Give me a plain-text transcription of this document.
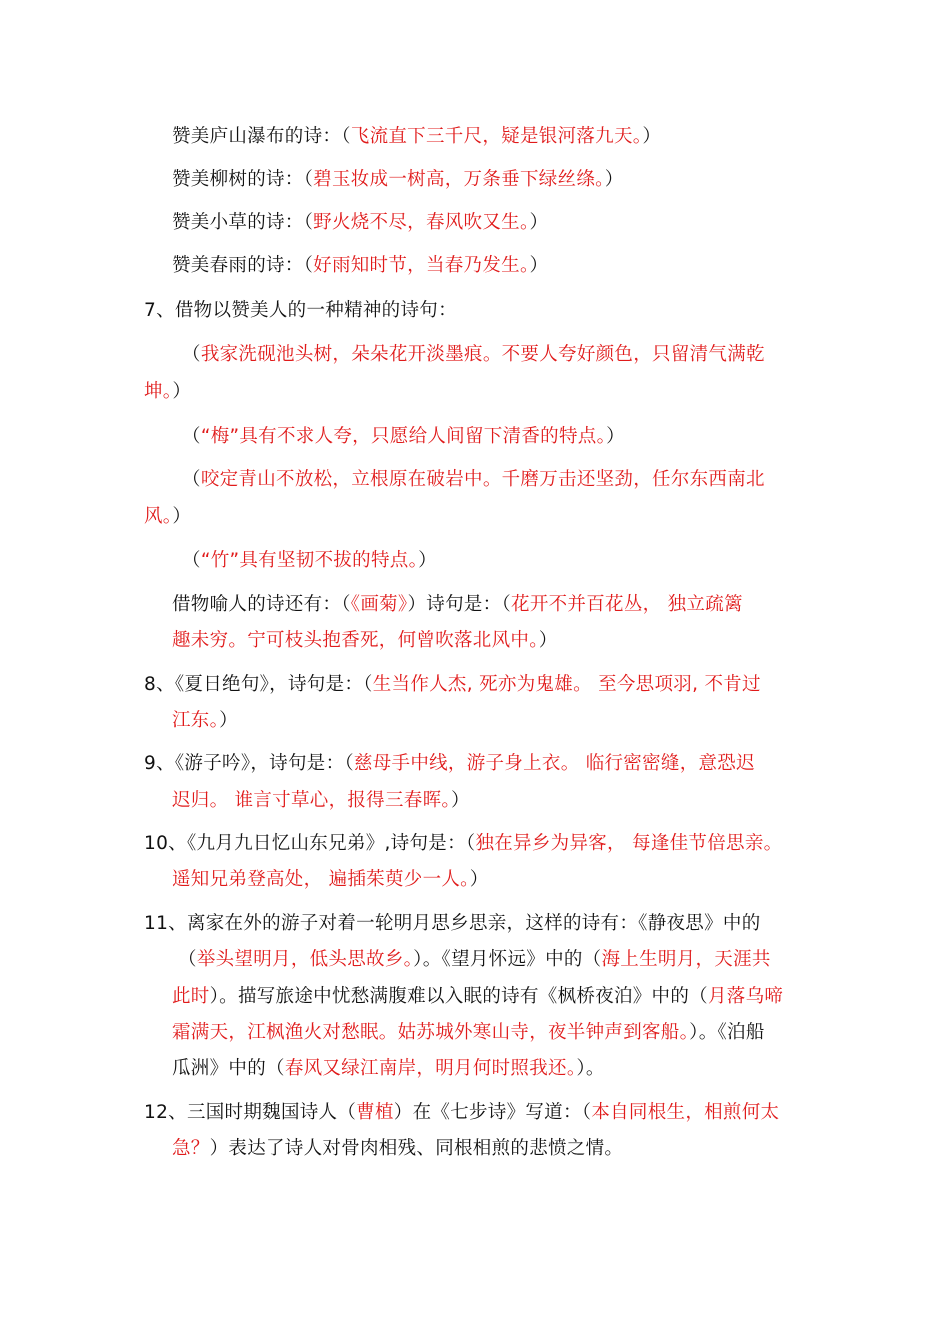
赞美庐山瀑布的诗：（飞流直下三千尺，疑是银河落九天。）
赞美柳树的诗：（碧玉妆成一树高，万条垂下绿丝绦。）
赞美小草的诗：（野火烧不尽，春风吹又生。）
赞美春雨的诗：（好雨知时节，当春乃发生。）
7、借物以赞美人的一种精神的诗句：
（我家洗砚池头树，朵朵花开淡墨痕。不要人夸好颜色，只留清气满乾
坤。）
（“梅”具有不求人夸，只愿给人间留下清香的特点。）
（咬定青山不放松，立根原在破岩中。千磨万击还坚劲，任尔东西南北
风。）
（“竹”具有坚韧不拔的特点。）
借物喻人的诗还有：（《画菊》）诗句是：（花开不并百花丛， 独立疏篱
趣未穷。宁可枝头抱香死，何曾吹落北风中。）
8、《夏日绝句》，诗句是：（生当作人杰, 死亦为鬼雄。 至今思项羽, 不肯过
江东。）
9、《游子吟》，诗句是：（慈母手中线，游子身上衣。 临行密密缝，意恐迟
迟归。 谁言寸草心，报得三春晖。）
10、《九月九日忆山东兄弟》,诗句是：（独在异乡为异客， 每逢佳节倍思亲。
遥知兄弟登高处， 遍插茱萸少一人。）
11、离家在外的游子对着一轮明月思乡思亲，这样的诗有：《静夜思》中的
（举头望明月，低头思故乡。）。《望月怀远》中的（海上生明月，天涯共
此时）。描写旅途中忧愁满腹难以入眠的诗有《枫桥夜泊》中的（月落乌啼
霜满天，江枫渔火对愁眠。姑苏城外寒山寺，夜半钟声到客船。）。《泊船
瓜洲》中的（春风又绿江南岸，明月何时照我还。）。
12、三国时期魏国诗人（曹植）在《七步诗》写道：（本自同根生，相煎何太
急？）表达了诗人对骨肉相残、同根相煎的悲愤之情。
